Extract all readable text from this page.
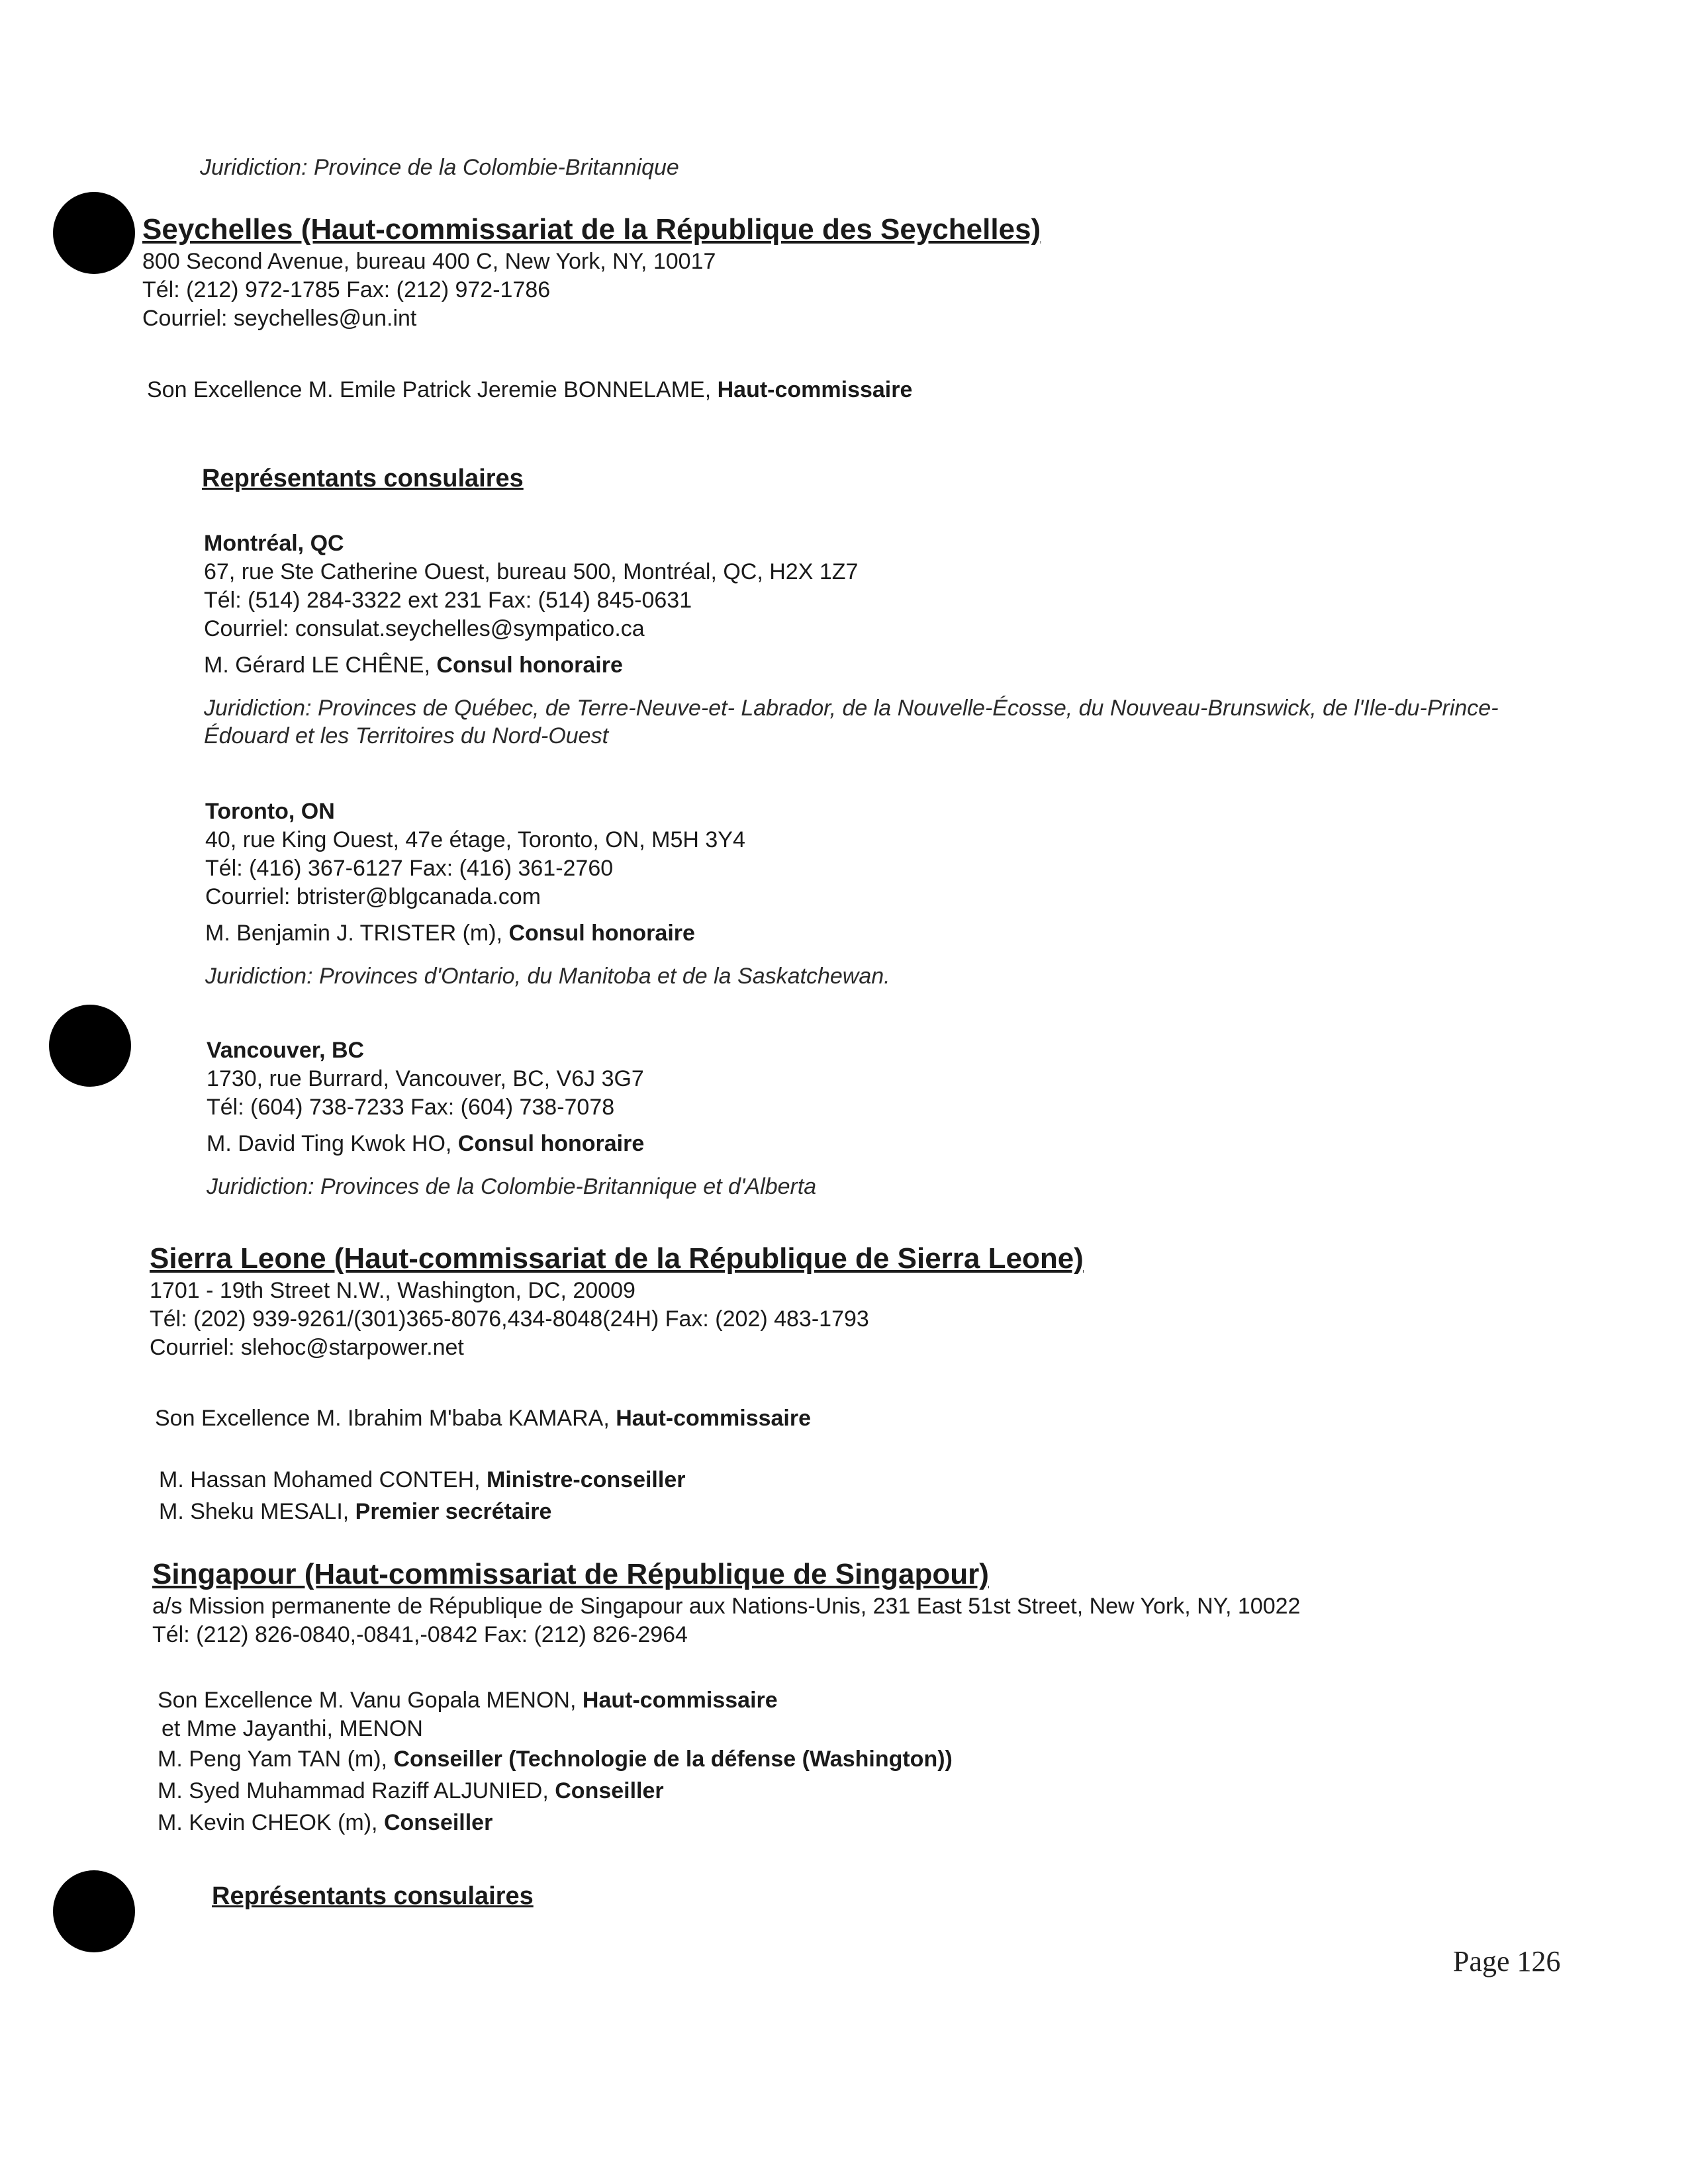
Juridiction: Province de la Colombie-Britannique
Seychelles (Haut-commissariat de la République des Seychelles)
800 Second Avenue, bureau 400 C, New York, NY, 10017
Tél: (212) 972-1785 Fax: (212) 972-1786
Courriel: seychelles@un.int
Son Excellence M. Emile Patrick Jeremie BONNELAME, Haut-commissaire
Représentants consulaires
Montréal, QC
67, rue Ste Catherine Ouest, bureau 500, Montréal, QC, H2X 1Z7
Tél: (514) 284-3322 ext 231 Fax: (514) 845-0631
Courriel: consulat.seychelles@sympatico.ca
M. Gérard LE CHÊNE, Consul honoraire
Juridiction: Provinces de Québec, de Terre-Neuve-et- Labrador, de la Nouvelle-Écosse, du Nouveau-Brunswick, de l'Ile-du-Prince-Édouard et les Territoires du Nord-Ouest
Toronto, ON
40, rue King Ouest, 47e étage, Toronto, ON, M5H 3Y4
Tél: (416) 367-6127 Fax: (416) 361-2760
Courriel: btrister@blgcanada.com
M. Benjamin J. TRISTER (m), Consul honoraire
Juridiction: Provinces d'Ontario, du Manitoba et de la Saskatchewan.
Vancouver, BC
1730, rue Burrard, Vancouver, BC, V6J 3G7
Tél: (604) 738-7233 Fax: (604) 738-7078
M. David Ting Kwok HO, Consul honoraire
Juridiction: Provinces de la Colombie-Britannique et d'Alberta
Sierra Leone (Haut-commissariat de la République de Sierra Leone)
1701 - 19th Street N.W., Washington, DC, 20009
Tél: (202) 939-9261/(301)365-8076,434-8048(24H) Fax: (202) 483-1793
Courriel: slehoc@starpower.net
Son Excellence M. Ibrahim M'baba KAMARA, Haut-commissaire
M. Hassan Mohamed CONTEH, Ministre-conseiller
M. Sheku MESALI, Premier secrétaire
Singapour (Haut-commissariat de République de Singapour)
a/s Mission permanente de République de Singapour aux Nations-Unis, 231 East 51st Street, New York, NY, 10022
Tél: (212) 826-0840,-0841,-0842 Fax: (212) 826-2964
Son Excellence M. Vanu Gopala MENON, Haut-commissaire
et Mme Jayanthi, MENON
M. Peng Yam TAN (m), Conseiller (Technologie de la défense (Washington))
M. Syed Muhammad Raziff ALJUNIED, Conseiller
M. Kevin CHEOK (m), Conseiller
Représentants consulaires
Page 126
